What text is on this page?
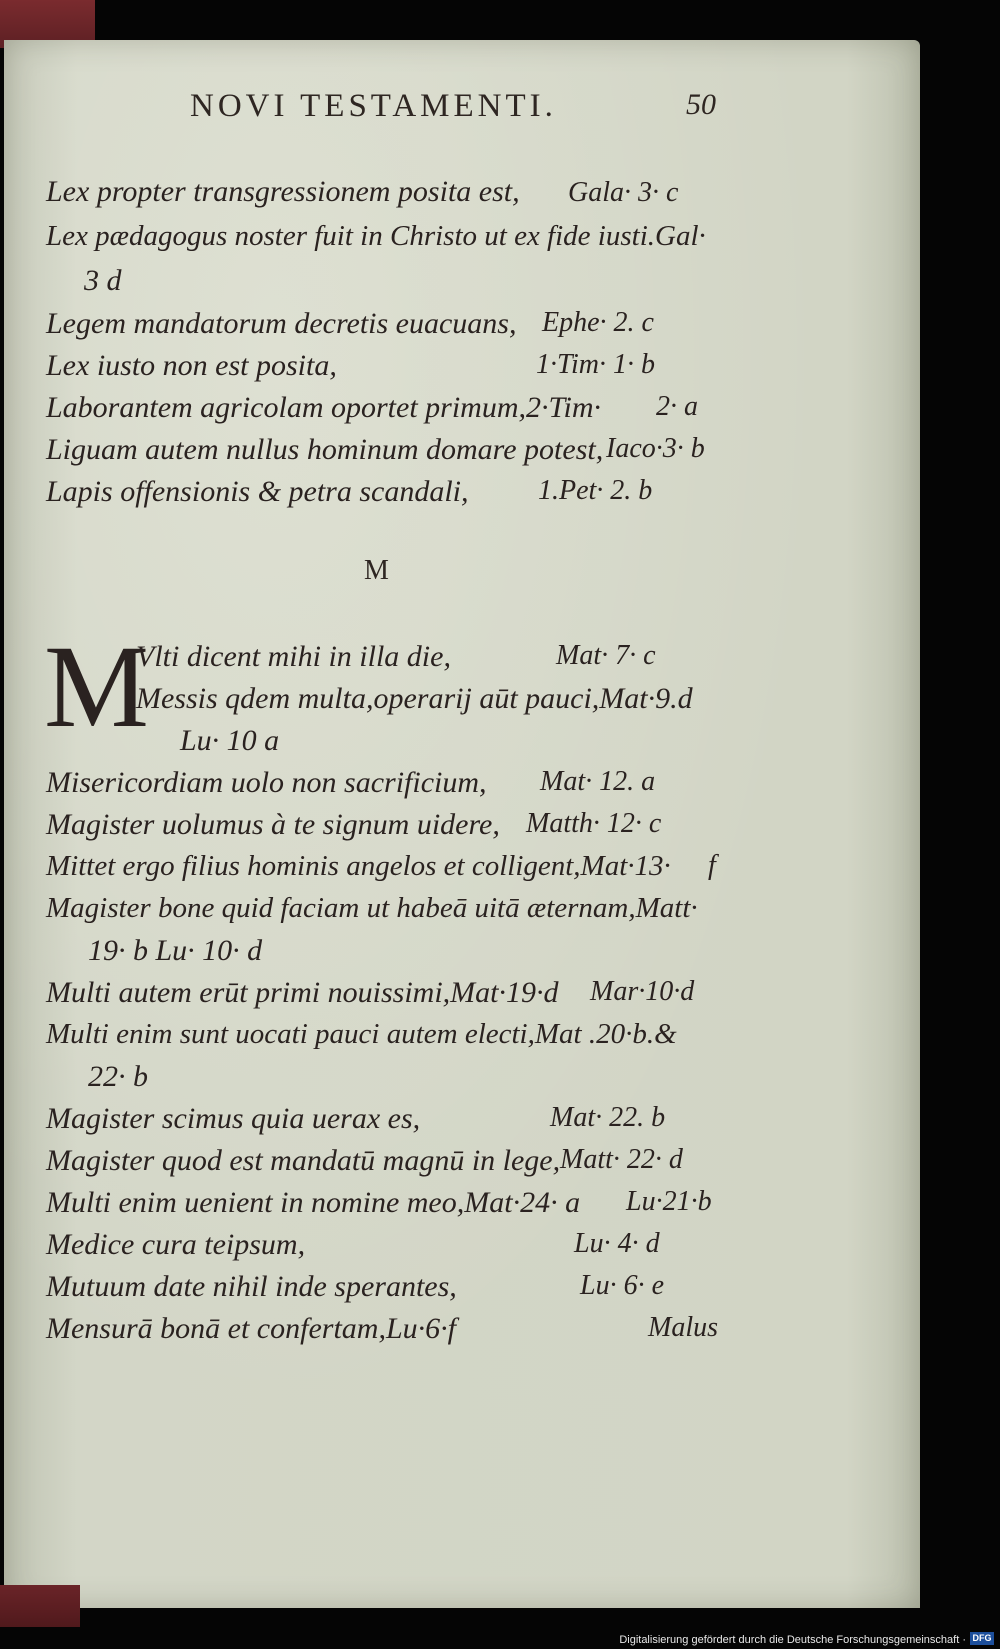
NOVI TESTAMENTI.	50
Lex propter transgressionem posita est, Gala· 3· c
Lex pædagogus noster fuit in Christo ut ex fide iusti.Gal·
3 d
Legem mandatorum decretis euacuans, Ephe· 2. c
Lex iusto non est posita,	1·Tim· 1· b
Laborantem agricolam oportet primum,2·Tim· 2· a
Liguam autem nullus hominum domare potest, Iaco·3· b
Lapis offensionis & petra scandali, 1.Pet· 2. b
M
M
Vlti dicent mihi in illa die,	Mat· 7· c
Messis qdem multa,operarij aūt pauci,Mat·9.d
Lu· 10 a
Misericordiam uolo non sacrificium, Mat· 12. a
Magister uolumus à te signum uidere, Matth· 12· c
Mittet ergo filius hominis angelos et colligent,Mat·13· f
Magister bone quid faciam ut habeā uitā æternam,Matt·
19· b Lu· 10· d
Multi autem erūt primi nouissimi,Mat·19·d Mar·10·d
Multi enim sunt uocati pauci autem electi,Mat .20·b.&
22· b
Magister scimus quia uerax es,	Mat· 22. b
Magister quod est mandatū magnū in lege, Matt· 22· d
Multi enim uenient in nomine meo,Mat·24· a Lu·21·b
Medice cura teipsum,	Lu· 4· d
Mutuum date nihil inde sperantes,	Lu· 6· e
Mensurā bonā et confertam,Lu·6·f	Malus
Digitalisierung gefördert durch die Deutsche Forschungsgemeinschaft · DFG
